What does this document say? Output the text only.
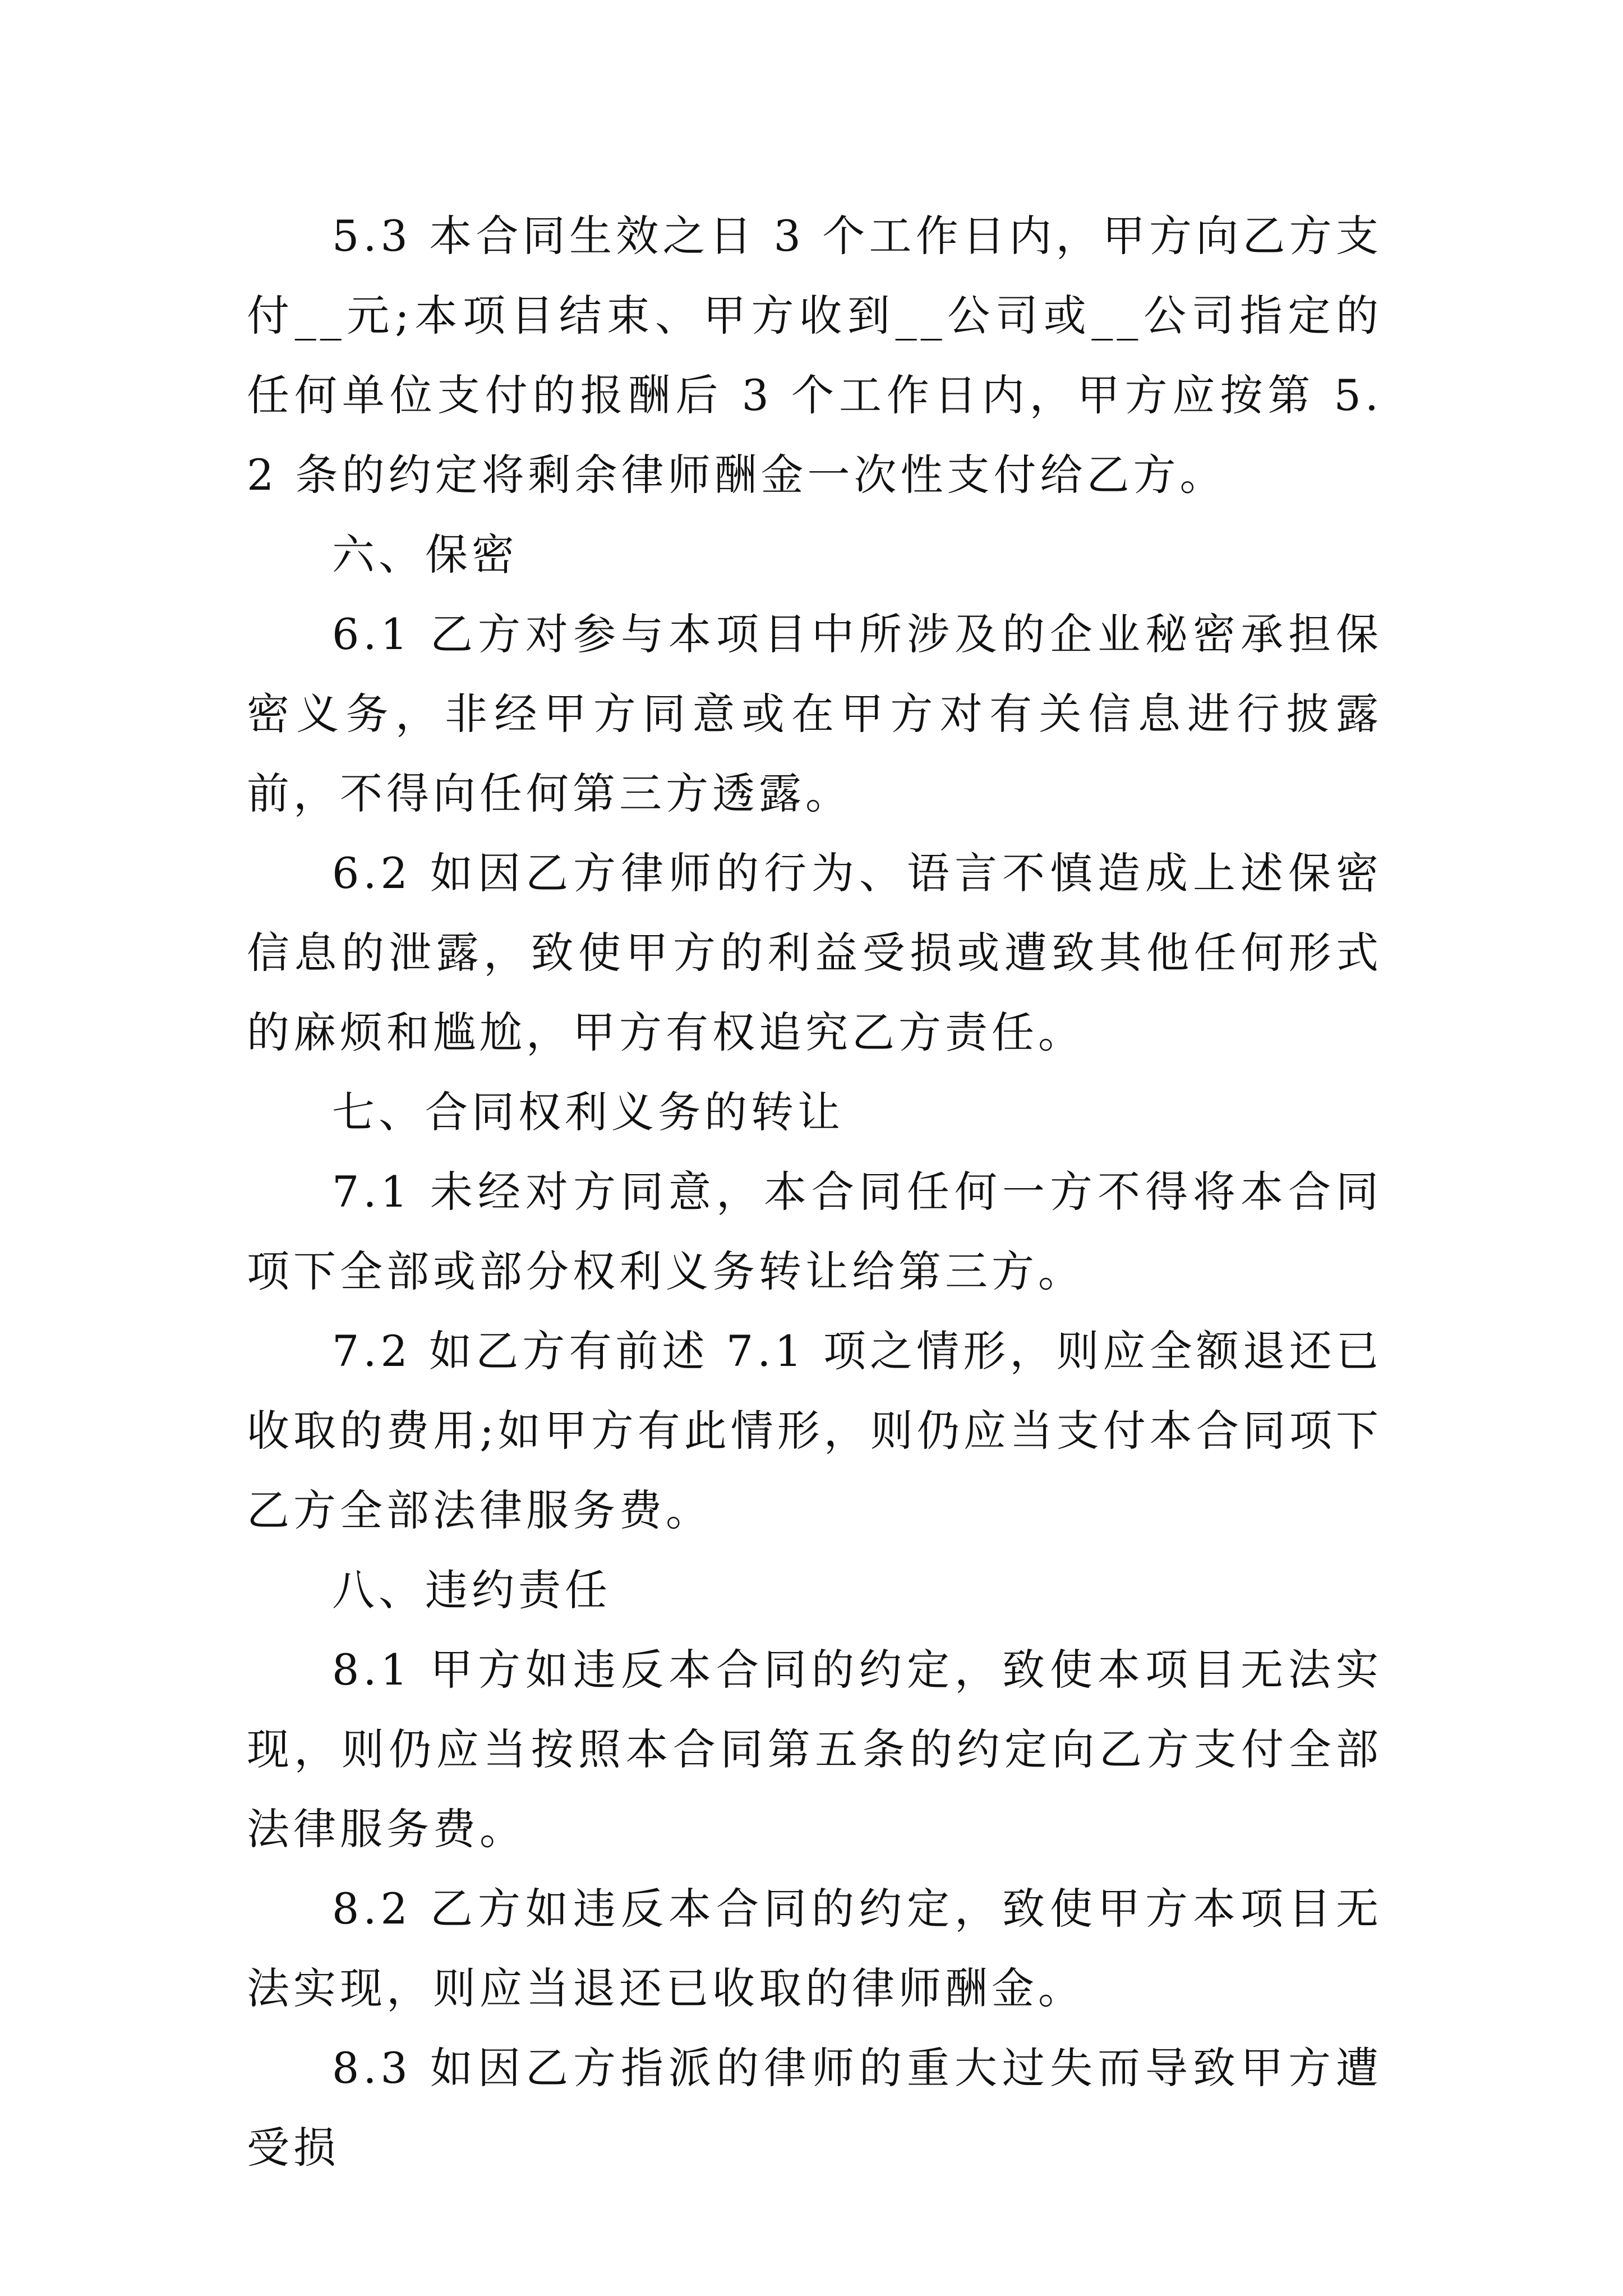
5.3 本合同生效之日 3 个工作日内，甲方向乙方支付__元;本项目结束、甲方收到__公司或__公司指定的任何单位支付的报酬后 3 个工作日内，甲方应按第 5.2 条的约定将剩余律师酬金一次性支付给乙方。

六、保密

6.1 乙方对参与本项目中所涉及的企业秘密承担保密义务，非经甲方同意或在甲方对有关信息进行披露前，不得向任何第三方透露。

6.2 如因乙方律师的行为、语言不慎造成上述保密信息的泄露，致使甲方的利益受损或遭致其他任何形式的麻烦和尴尬，甲方有权追究乙方责任。

七、合同权利义务的转让

7.1 未经对方同意，本合同任何一方不得将本合同项下全部或部分权利义务转让给第三方。

7.2 如乙方有前述 7.1 项之情形，则应全额退还已收取的费用;如甲方有此情形，则仍应当支付本合同项下乙方全部法律服务费。

八、违约责任

8.1 甲方如违反本合同的约定，致使本项目无法实现，则仍应当按照本合同第五条的约定向乙方支付全部法律服务费。

8.2 乙方如违反本合同的约定，致使甲方本项目无法实现，则应当退还已收取的律师酬金。

8.3 如因乙方指派的律师的重大过失而导致甲方遭受损
